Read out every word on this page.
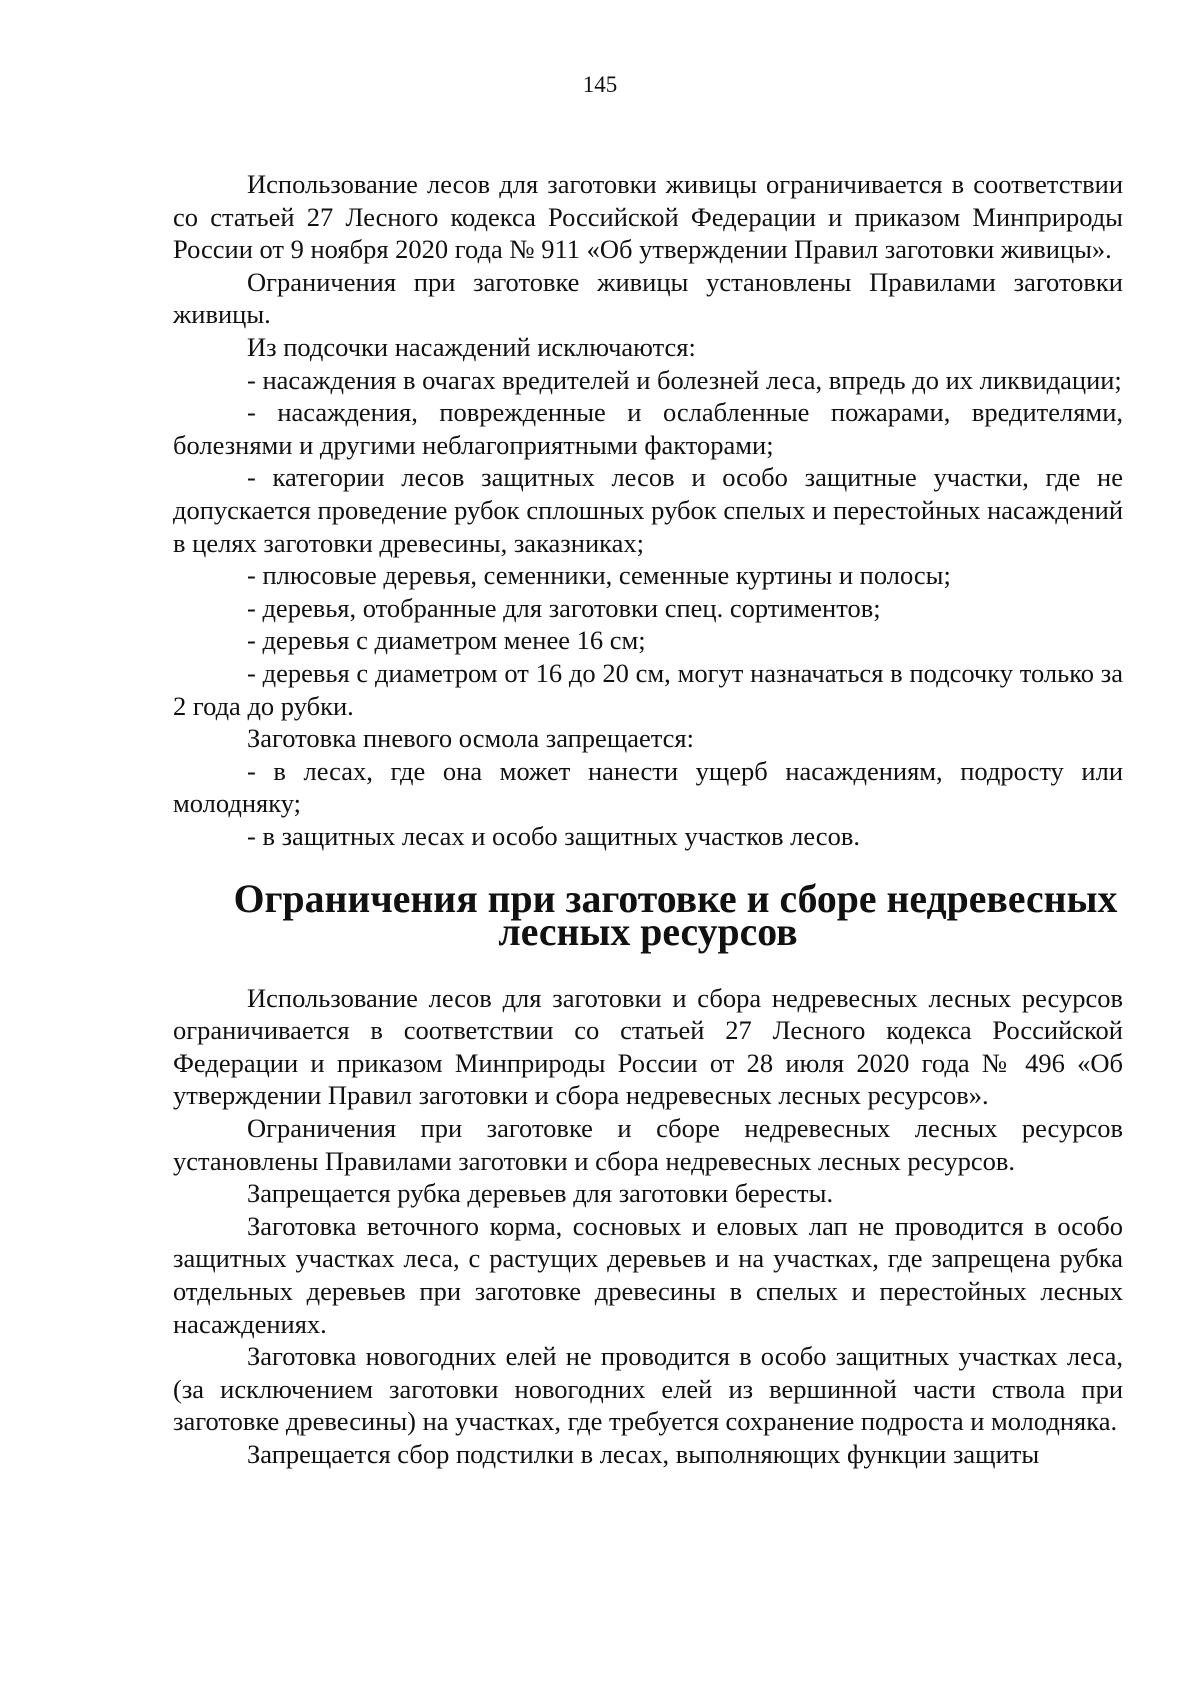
145

Использование лесов для заготовки живицы ограничивается в соответствии со статьей 27 Лесного кодекса Российской Федерации и приказом Минприроды России от 9 ноября 2020 года № 911 «Об утверждении Правил заготовки живицы».

Ограничения при заготовке живицы установлены Правилами заготовки живицы.

Из подсочки насаждений исключаются:

- насаждения в очагах вредителей и болезней леса, впредь до их ликвидации;

- насаждения, поврежденные и ослабленные пожарами, вредителями, болезнями и другими неблагоприятными факторами;

- категории лесов защитных лесов и особо защитные участки, где не допускается проведение рубок сплошных рубок спелых и перестойных насаждений в целях заготовки древесины, заказниках;

- плюсовые деревья, семенники, семенные куртины и полосы;

- деревья, отобранные для заготовки спец. сортиментов;

- деревья с диаметром менее 16 см;

- деревья с диаметром от 16 до 20 см, могут назначаться в подсочку только за 2 года до рубки.

Заготовка пневого осмола запрещается:

- в лесах, где она может нанести ущерб насаждениям, подросту или молодняку;

- в защитных лесах и особо защитных участков лесов.

Ограничения при заготовке и сборе недревесных лесных ресурсов

Использование лесов для заготовки и сбора недревесных лесных ресурсов ограничивается в соответствии со статьей 27 Лесного кодекса Российской Федерации и приказом Минприроды России от 28 июля 2020 года № 496 «Об утверждении Правил заготовки и сбора недревесных лесных ресурсов».

Ограничения при заготовке и сборе недревесных лесных ресурсов установлены Правилами заготовки и сбора недревесных лесных ресурсов.

Запрещается рубка деревьев для заготовки бересты.

Заготовка веточного корма, сосновых и еловых лап не проводится в особо защитных участках леса, с растущих деревьев и на участках, где запрещена рубка отдельных деревьев при заготовке древесины в спелых и перестойных лесных насаждениях.

Заготовка новогодних елей не проводится в особо защитных участках леса, (за исключением заготовки новогодних елей из вершинной части ствола при заготовке древесины) на участках, где требуется сохранение подроста и молодняка.

Запрещается сбор подстилки в лесах, выполняющих функции защиты
